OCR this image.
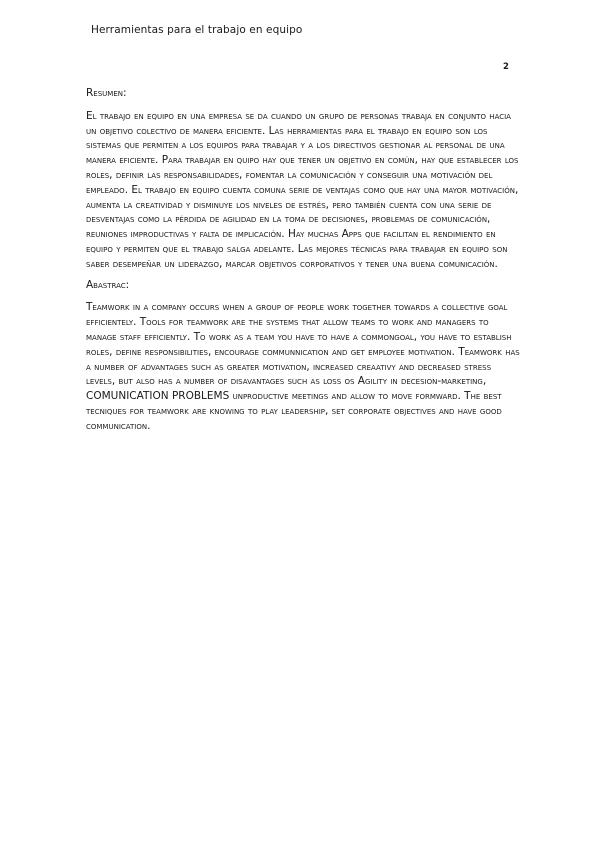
Herramientas para el trabajo en equipo
2

Resumen:

El trabajo en equipo en una empresa se da cuando un grupo de personas trabaja en conjunto hacia un objetivo colectivo de manera eficiente. Las herramientas para el trabajo en equipo son los sistemas que permiten a los equipos para trabajar y a los directivos gestionar al personal de una manera eficiente. Para trabajar en quipo hay que tener un objetivo en común, hay que establecer los roles, definir las responsabilidades, fomentar la comunicación y conseguir una motivación del empleado. El trabajo en equipo cuenta comuna serie de ventajas como que hay una mayor motivación, aumenta la creatividad y disminuye los niveles de estrés, pero también cuenta con una serie de desventajas como la pérdida de agilidad en la toma de decisiones, problemas de comunicación, reuniones improductivas y falta de implicación. Hay muchas Apps que facilitan el rendimiento en equipo y permiten que el trabajo salga adelante. Las mejores técnicas para trabajar en equipo son saber desempeñar un liderazgo, marcar objetivos corporativos y tener una buena comunicación.

Abastrac:

Teamwork in a company occurs when a group of people work together towards a collective goal efficientely. Tools for teamwork are the systems that allow teams to work and managers to manage staff efficiently. To work as a team you have to have a commongoal, you have to establish roles, define responsibilities, encourage communnication and get employee motivation. Teamwork has a number of advantages such as greater motivation, increased creaativy and decreased stress levels, but also has a number of disavantages such as loss os Agility in decesion-marketing, COMUNICATION PROBLEMS unproductive meetings and allow to move formward. The best tecniques for teamwork are knowing to play leadership, set corporate objectives and have good communication.
